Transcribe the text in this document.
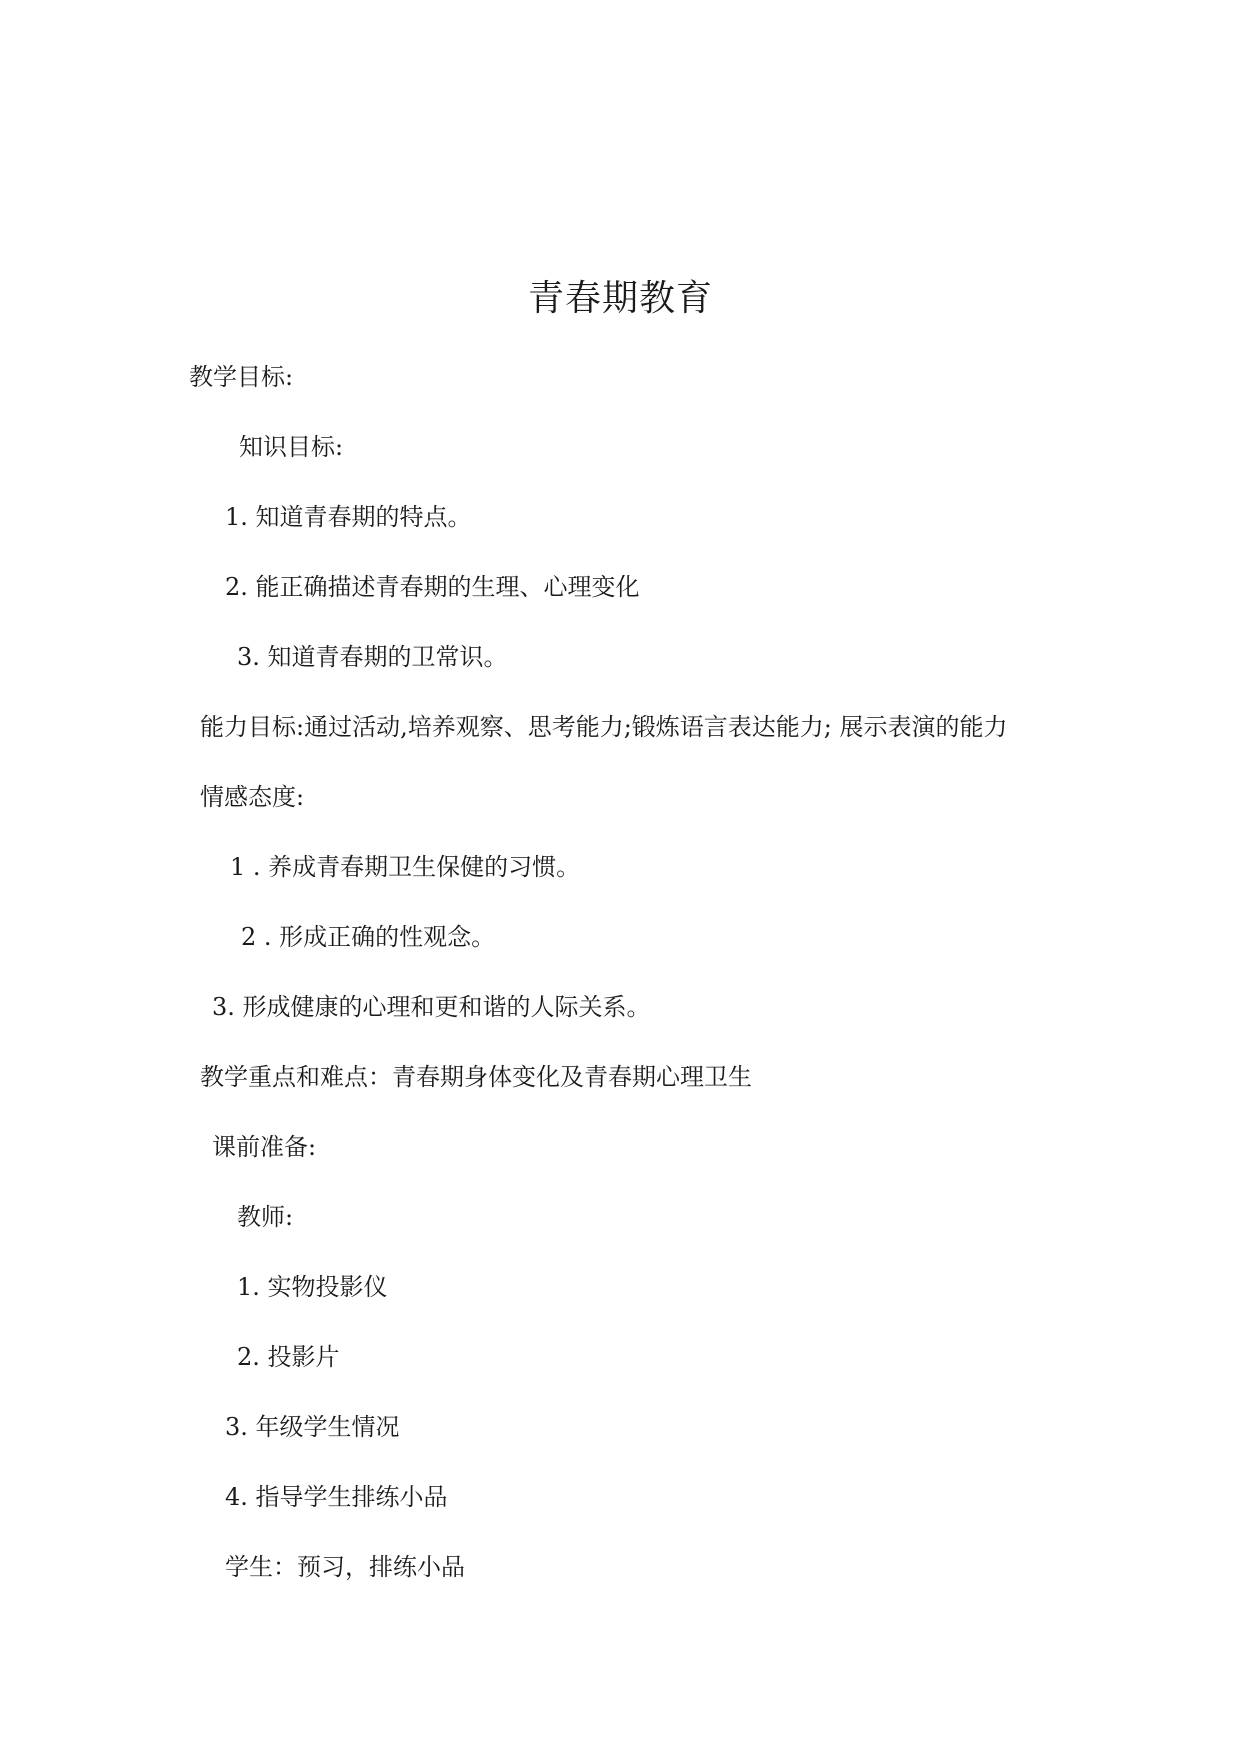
青春期教育
教学目标:
知识目标:
1. 知道青春期的特点。
2. 能正确描述青春期的生理、心理变化
3. 知道青春期的卫常识。
能力目标:通过活动,培养观察、思考能力;锻炼语言表达能力; 展示表演的能力
情感态度:
1 . 养成青春期卫生保健的习惯。
2 . 形成正确的性观念。
3. 形成健康的心理和更和谐的人际关系。
教学重点和难点：青春期身体变化及青春期心理卫生
课前准备:
教师:
1. 实物投影仪
2. 投影片
3. 年级学生情况
4. 指导学生排练小品
学生：预习，排练小品
